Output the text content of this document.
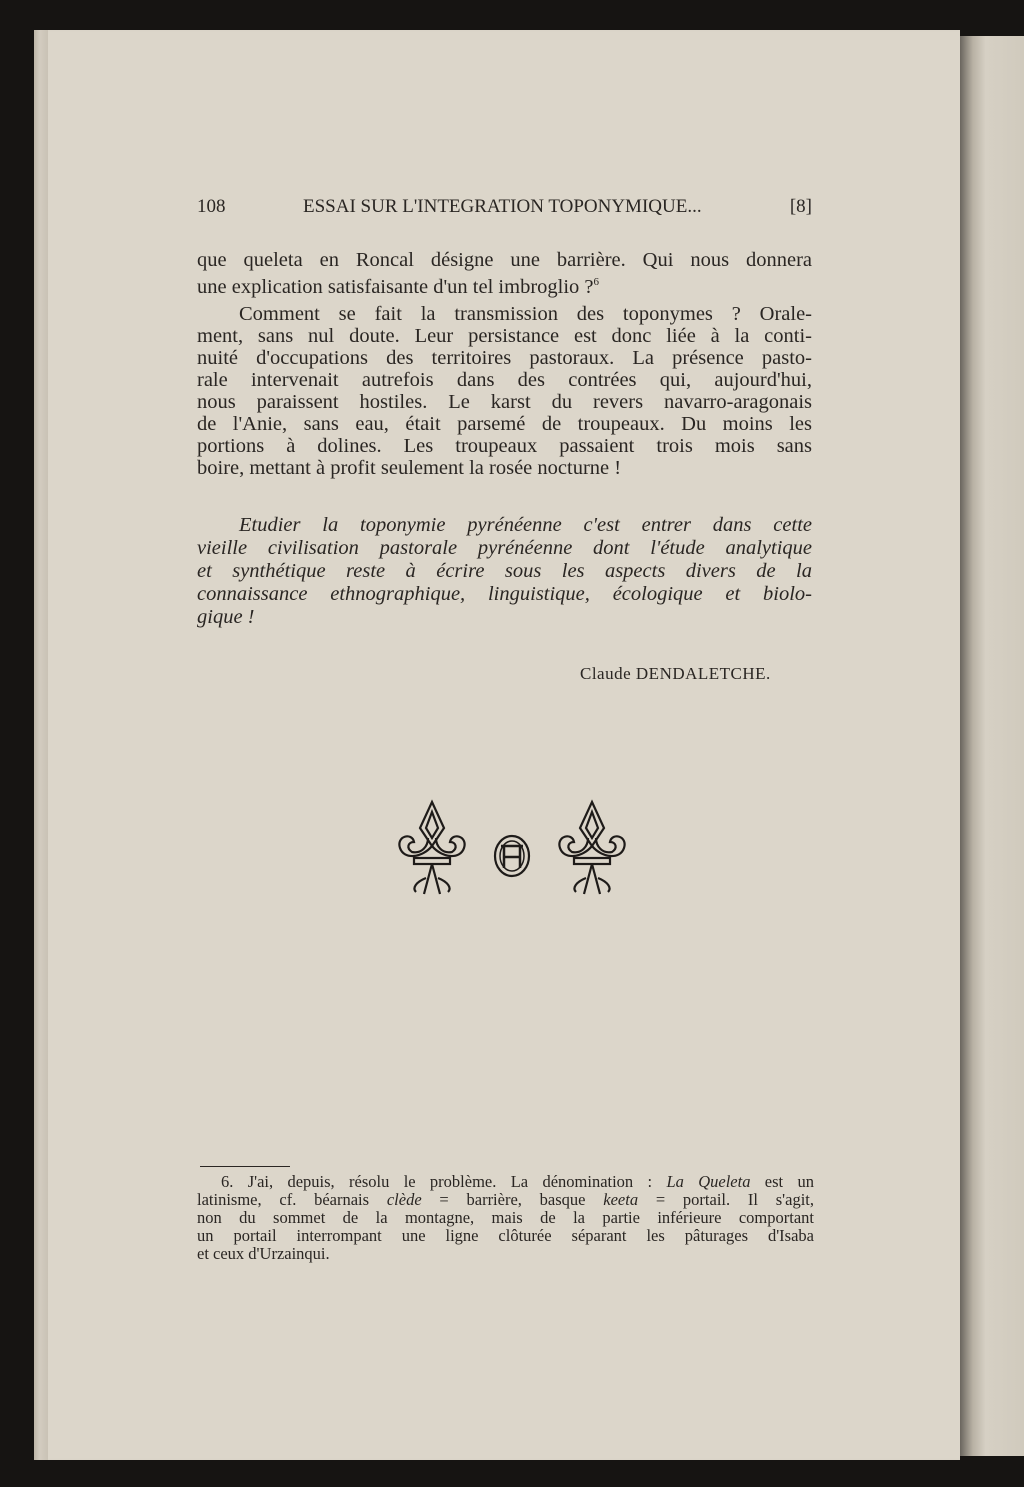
108	ESSAI SUR L'INTEGRATION TOPONYMIQUE...	[8]
que queleta en Roncal désigne une barrière. Qui nous donnera
une explication satisfaisante d'un tel imbroglio ?$^6$
Comment se fait la transmission des toponymes ? Orale-
ment, sans nul doute. Leur persistance est donc liée à la conti-
nuité d'occupations des territoires pastoraux. La présence pasto-
rale intervenait autrefois dans des contrées qui, aujourd'hui,
nous paraissent hostiles. Le karst du revers navarro-aragonais
de l'Anie, sans eau, était parsemé de troupeaux. Du moins les
portions à dolines. Les troupeaux passaient trois mois sans
boire, mettant à profit seulement la rosée nocturne !
Etudier la toponymie pyrénéenne c'est entrer dans cette
vieille civilisation pastorale pyrénéenne dont l'étude analytique
et synthétique reste à écrire sous les aspects divers de la
connaissance ethnographique, linguistique, écologique et biolo-
gique !
Claude DENDALETCHE.
6. J'ai, depuis, résolu le problème. La dénomination : La Queleta est un
latinisme, cf. béarnais clède = barrière, basque keeta = portail. Il s'agit,
non du sommet de la montagne, mais de la partie inférieure comportant
un portail interrompant une ligne clôturée séparant les pâturages d'Isaba
et ceux d'Urzainqui.
